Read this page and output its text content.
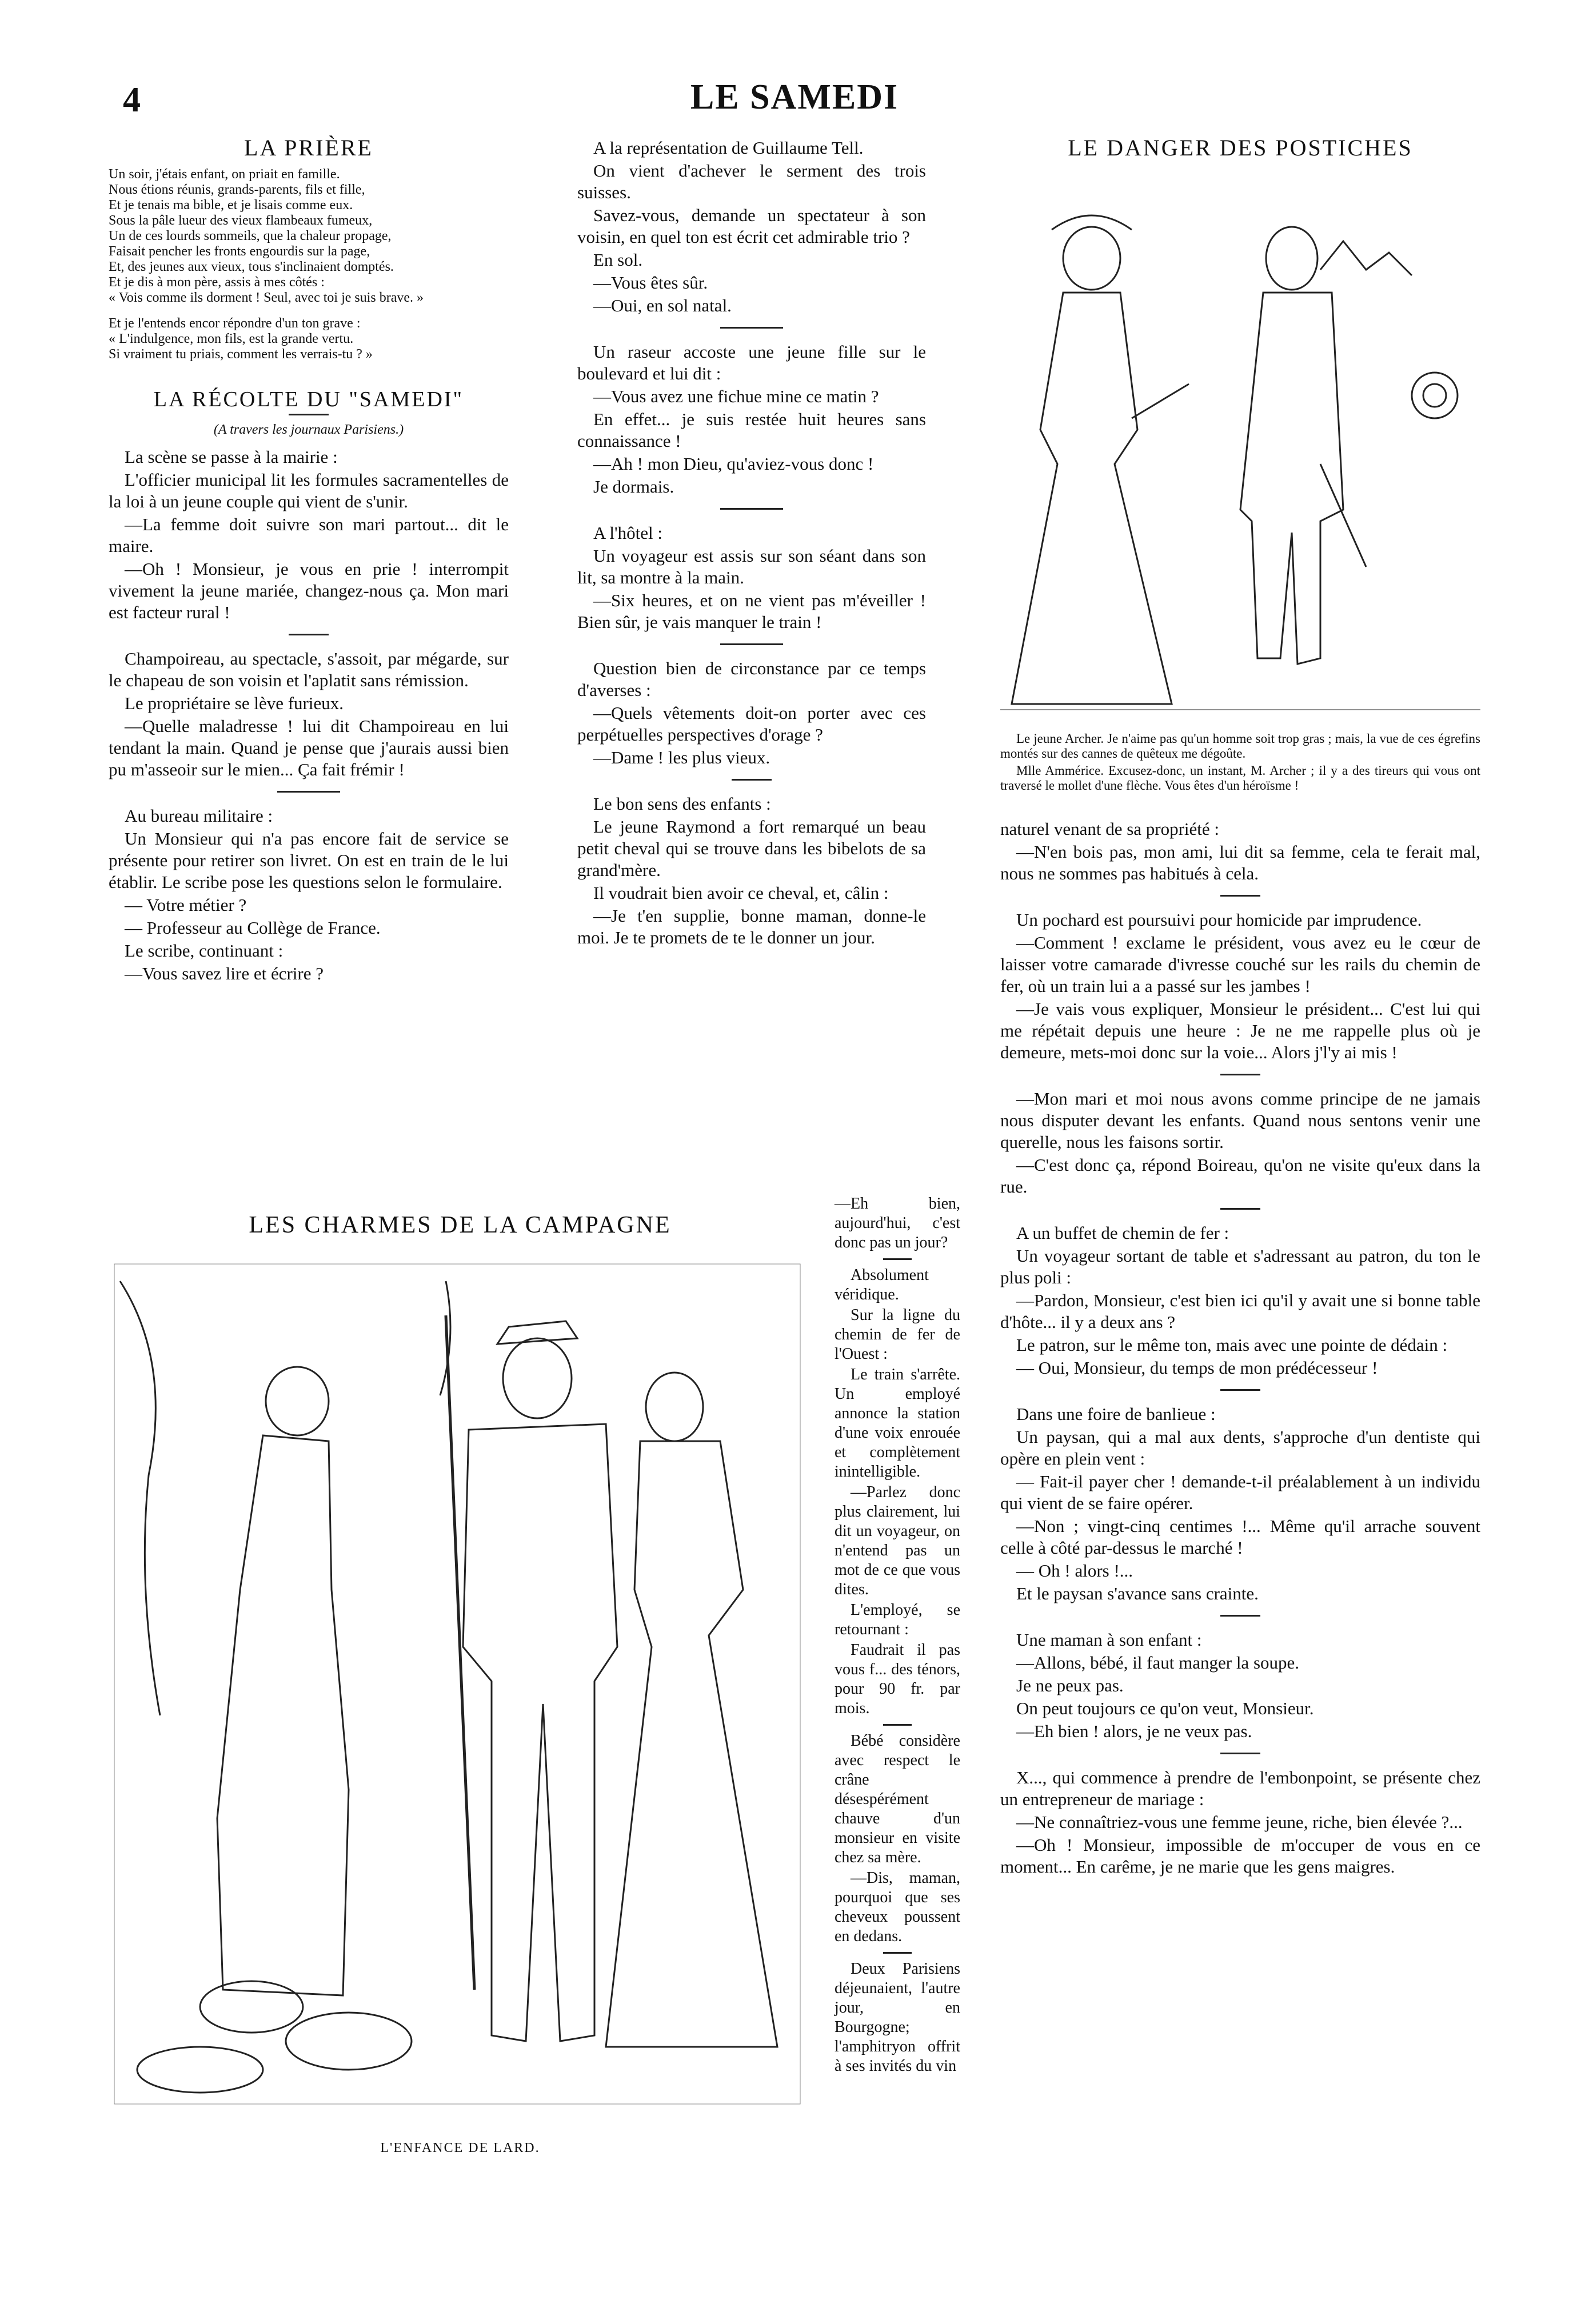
4	LE SAMEDI
LA PRIÈRE

Un soir, j'étais enfant, on priait en famille.

Nous étions réunis, grands-parents, fils et fille,

Et je tenais ma bible, et je lisais comme eux.

Sous la pâle lueur des vieux flambeaux fumeux,

Un de ces lourds sommeils, que la chaleur propage,

Faisait pencher les fronts engourdis sur la page,

Et, des jeunes aux vieux, tous s'inclinaient domptés.

Et je dis à mon père, assis à mes côtés :

« Vois comme ils dorment ! Seul, avec toi je suis brave. »

Et je l'entends encor répondre d'un ton grave :

« L'indulgence, mon fils, est la grande vertu.

Si vraiment tu priais, comment les verrais-tu ? »

LA RÉCOLTE DU "SAMEDI"
(A travers les journaux Parisiens.)

La scène se passe à la mairie :

L'officier municipal lit les formules sacramentelles de la loi à un jeune couple qui vient de s'unir.

—La femme doit suivre son mari partout... dit le maire.

—Oh ! Monsieur, je vous en prie ! interrompit vivement la jeune mariée, changez-nous ça. Mon mari est facteur rural !

Champoireau, au spectacle, s'assoit, par mégarde, sur le chapeau de son voisin et l'aplatit sans rémission.

Le propriétaire se lève furieux.

—Quelle maladresse ! lui dit Champoireau en lui tendant la main. Quand je pense que j'aurais aussi bien pu m'asseoir sur le mien... Ça fait frémir !

Au bureau militaire :

Un Monsieur qui n'a pas encore fait de service se présente pour retirer son livret. On est en train de le lui établir. Le scribe pose les questions selon le formulaire.

— Votre métier ?

— Professeur au Collège de France.

Le scribe, continuant :

—Vous savez lire et écrire ?

A la représentation de Guillaume Tell.

On vient d'achever le serment des trois suisses.

Savez-vous, demande un spectateur à son voisin, en quel ton est écrit cet admirable trio ?

En sol.

—Vous êtes sûr.

—Oui, en sol natal.

Un raseur accoste une jeune fille sur le boulevard et lui dit :

—Vous avez une fichue mine ce matin ?

En effet... je suis restée huit heures sans connaissance !

—Ah ! mon Dieu, qu'aviez-vous donc !

Je dormais.

A l'hôtel :

Un voyageur est assis sur son séant dans son lit, sa montre à la main.

—Six heures, et on ne vient pas m'éveiller ! Bien sûr, je vais manquer le train !

Question bien de circonstance par ce temps d'averses :

—Quels vêtements doit-on porter avec ces perpétuelles perspectives d'orage ?

—Dame ! les plus vieux.

Le bon sens des enfants :

Le jeune Raymond a fort remarqué un beau petit cheval qui se trouve dans les bibelots de sa grand'mère.

Il voudrait bien avoir ce cheval, et, câlin :

—Je t'en supplie, bonne maman, donne-le moi. Je te promets de te le donner un jour.

—Eh bien, aujourd'hui, c'est donc pas un jour?

Absolument véridique.

Sur la ligne du chemin de fer de l'Ouest :

Le train s'arrête. Un employé annonce la station d'une voix enrouée et complètement inintelligible.

—Parlez donc plus clairement, lui dit un voyageur, on n'entend pas un mot de ce que vous dites.

L'employé, se retournant :

Faudrait il pas vous f... des ténors, pour 90 fr. par mois.

Bébé considère avec respect le crâne désespérément chauve d'un monsieur en visite chez sa mère.

—Dis, maman, pourquoi que ses cheveux poussent en dedans.

Deux Parisiens déjeunaient, l'autre jour, en Bourgogne; l'amphitryon offrit à ses invités du vin

LES CHARMES DE LA CAMPAGNE
L'ENFANCE DE LARD.
LE DANGER DES POSTICHES

Le jeune Archer. Je n'aime pas qu'un homme soit trop gras ; mais, la vue de ces égrefins montés sur des cannes de quêteux me dégoûte.

Mlle Ammérice. Excusez-donc, un instant, M. Archer ; il y a des tireurs qui vous ont traversé le mollet d'une flèche. Vous êtes d'un héroïsme !

naturel venant de sa propriété :

—N'en bois pas, mon ami, lui dit sa femme, cela te ferait mal, nous ne sommes pas habitués à cela.

Un pochard est poursuivi pour homicide par imprudence.

—Comment ! exclame le président, vous avez eu le cœur de laisser votre camarade d'ivresse couché sur les rails du chemin de fer, où un train lui a a passé sur les jambes !

—Je vais vous expliquer, Monsieur le président... C'est lui qui me répétait depuis une heure : Je ne me rappelle plus où je demeure, mets-moi donc sur la voie... Alors j'l'y ai mis !

—Mon mari et moi nous avons comme principe de ne jamais nous disputer devant les enfants. Quand nous sentons venir une querelle, nous les faisons sortir.

—C'est donc ça, répond Boireau, qu'on ne visite qu'eux dans la rue.

A un buffet de chemin de fer :

Un voyageur sortant de table et s'adressant au patron, du ton le plus poli :

—Pardon, Monsieur, c'est bien ici qu'il y avait une si bonne table d'hôte... il y a deux ans ?

Le patron, sur le même ton, mais avec une pointe de dédain :

— Oui, Monsieur, du temps de mon prédécesseur !

Dans une foire de banlieue :

Un paysan, qui a mal aux dents, s'approche d'un dentiste qui opère en plein vent :

— Fait-il payer cher ! demande-t-il préalablement à un individu qui vient de se faire opérer.

—Non ; vingt-cinq centimes !... Même qu'il arrache souvent celle à côté par-dessus le marché !

— Oh ! alors !...

Et le paysan s'avance sans crainte.

Une maman à son enfant :

—Allons, bébé, il faut manger la soupe.

Je ne peux pas.

On peut toujours ce qu'on veut, Monsieur.

—Eh bien ! alors, je ne veux pas.

X..., qui commence à prendre de l'embonpoint, se présente chez un entrepreneur de mariage :

—Ne connaîtriez-vous une femme jeune, riche, bien élevée ?...

—Oh ! Monsieur, impossible de m'occuper de vous en ce moment... En carême, je ne marie que les gens maigres.
